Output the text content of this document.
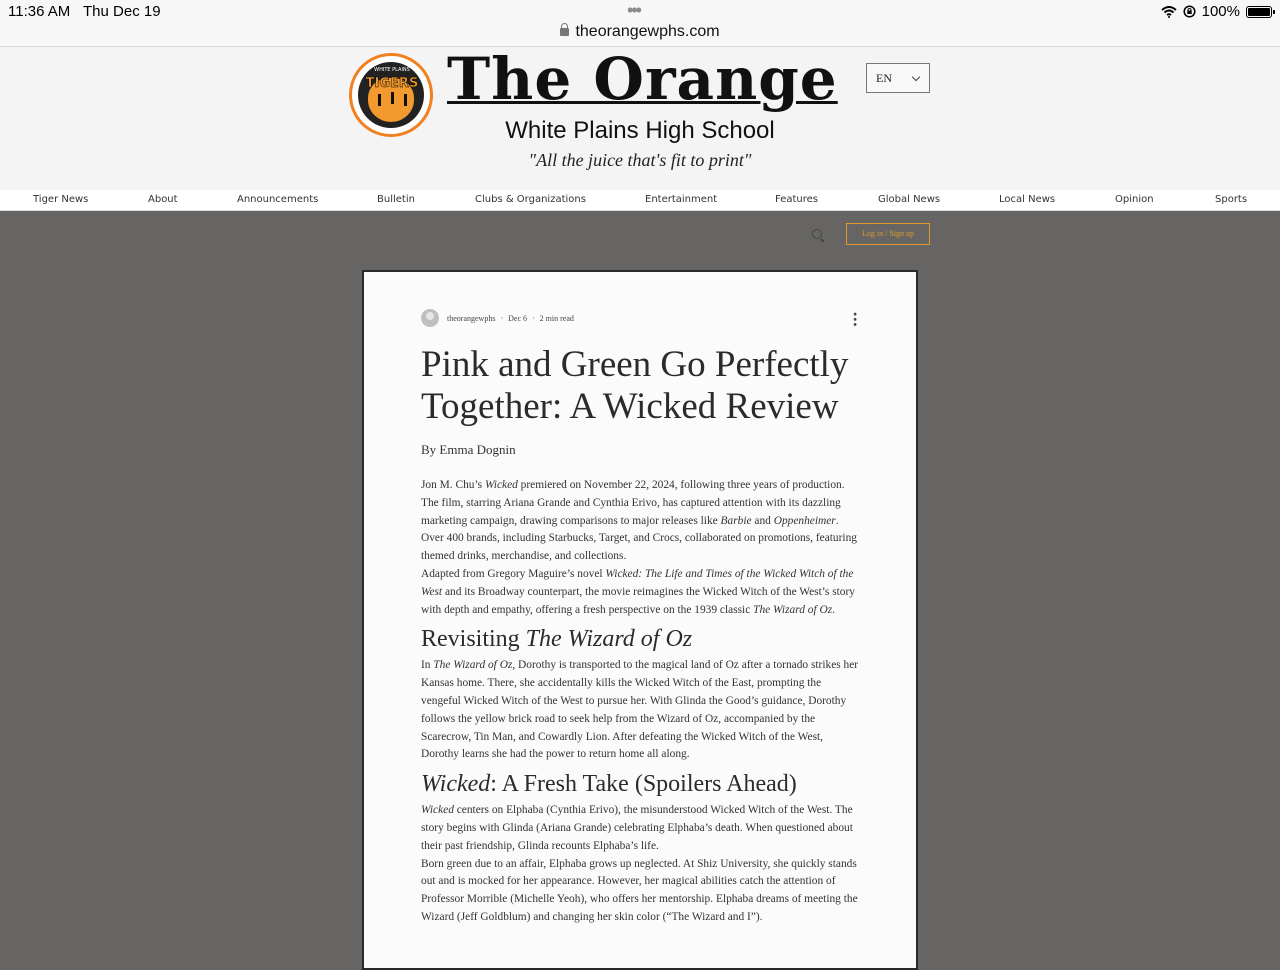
11:36 AM Thu Dec 19	•••
theorangewphs.com
100%
WHITE PLAINS
TIGERS The Orange
White Plains High School
"All the juice that's fit to print"
EN
Tiger News	About	Announcements	Bulletin	Clubs & Organizations	Entertainment	Features	Global News	Local News	Opinion	Sports
Log in / Sign up
theorangewphs · Dec 6 · 2 min read	•••
Pink and Green Go Perfectly Together: A Wicked Review
By Emma Dognin

Jon M. Chu’s Wicked premiered on November 22, 2024, following three years of production. The film, starring Ariana Grande and Cynthia Erivo, has captured attention with its dazzling marketing campaign, drawing comparisons to major releases like Barbie and Oppenheimer. Over 400 brands, including Starbucks, Target, and Crocs, collaborated on promotions, featuring themed drinks, merchandise, and collections.

Adapted from Gregory Maguire’s novel Wicked: The Life and Times of the Wicked Witch of the West and its Broadway counterpart, the movie reimagines the Wicked Witch of the West’s story with depth and empathy, offering a fresh perspective on the 1939 classic The Wizard of Oz.

Revisiting The Wizard of Oz

In The Wizard of Oz, Dorothy is transported to the magical land of Oz after a tornado strikes her Kansas home. There, she accidentally kills the Wicked Witch of the East, prompting the vengeful Wicked Witch of the West to pursue her. With Glinda the Good’s guidance, Dorothy follows the yellow brick road to seek help from the Wizard of Oz, accompanied by the Scarecrow, Tin Man, and Cowardly Lion. After defeating the Wicked Witch of the West, Dorothy learns she had the power to return home all along.

Wicked: A Fresh Take (Spoilers Ahead)

Wicked centers on Elphaba (Cynthia Erivo), the misunderstood Wicked Witch of the West. The story begins with Glinda (Ariana Grande) celebrating Elphaba’s death. When questioned about their past friendship, Glinda recounts Elphaba’s life.

Born green due to an affair, Elphaba grows up neglected. At Shiz University, she quickly stands out and is mocked for her appearance. However, her magical abilities catch the attention of Professor Morrible (Michelle Yeoh), who offers her mentorship. Elphaba dreams of meeting the Wizard (Jeff Goldblum) and changing her skin color (“The Wizard and I”).
